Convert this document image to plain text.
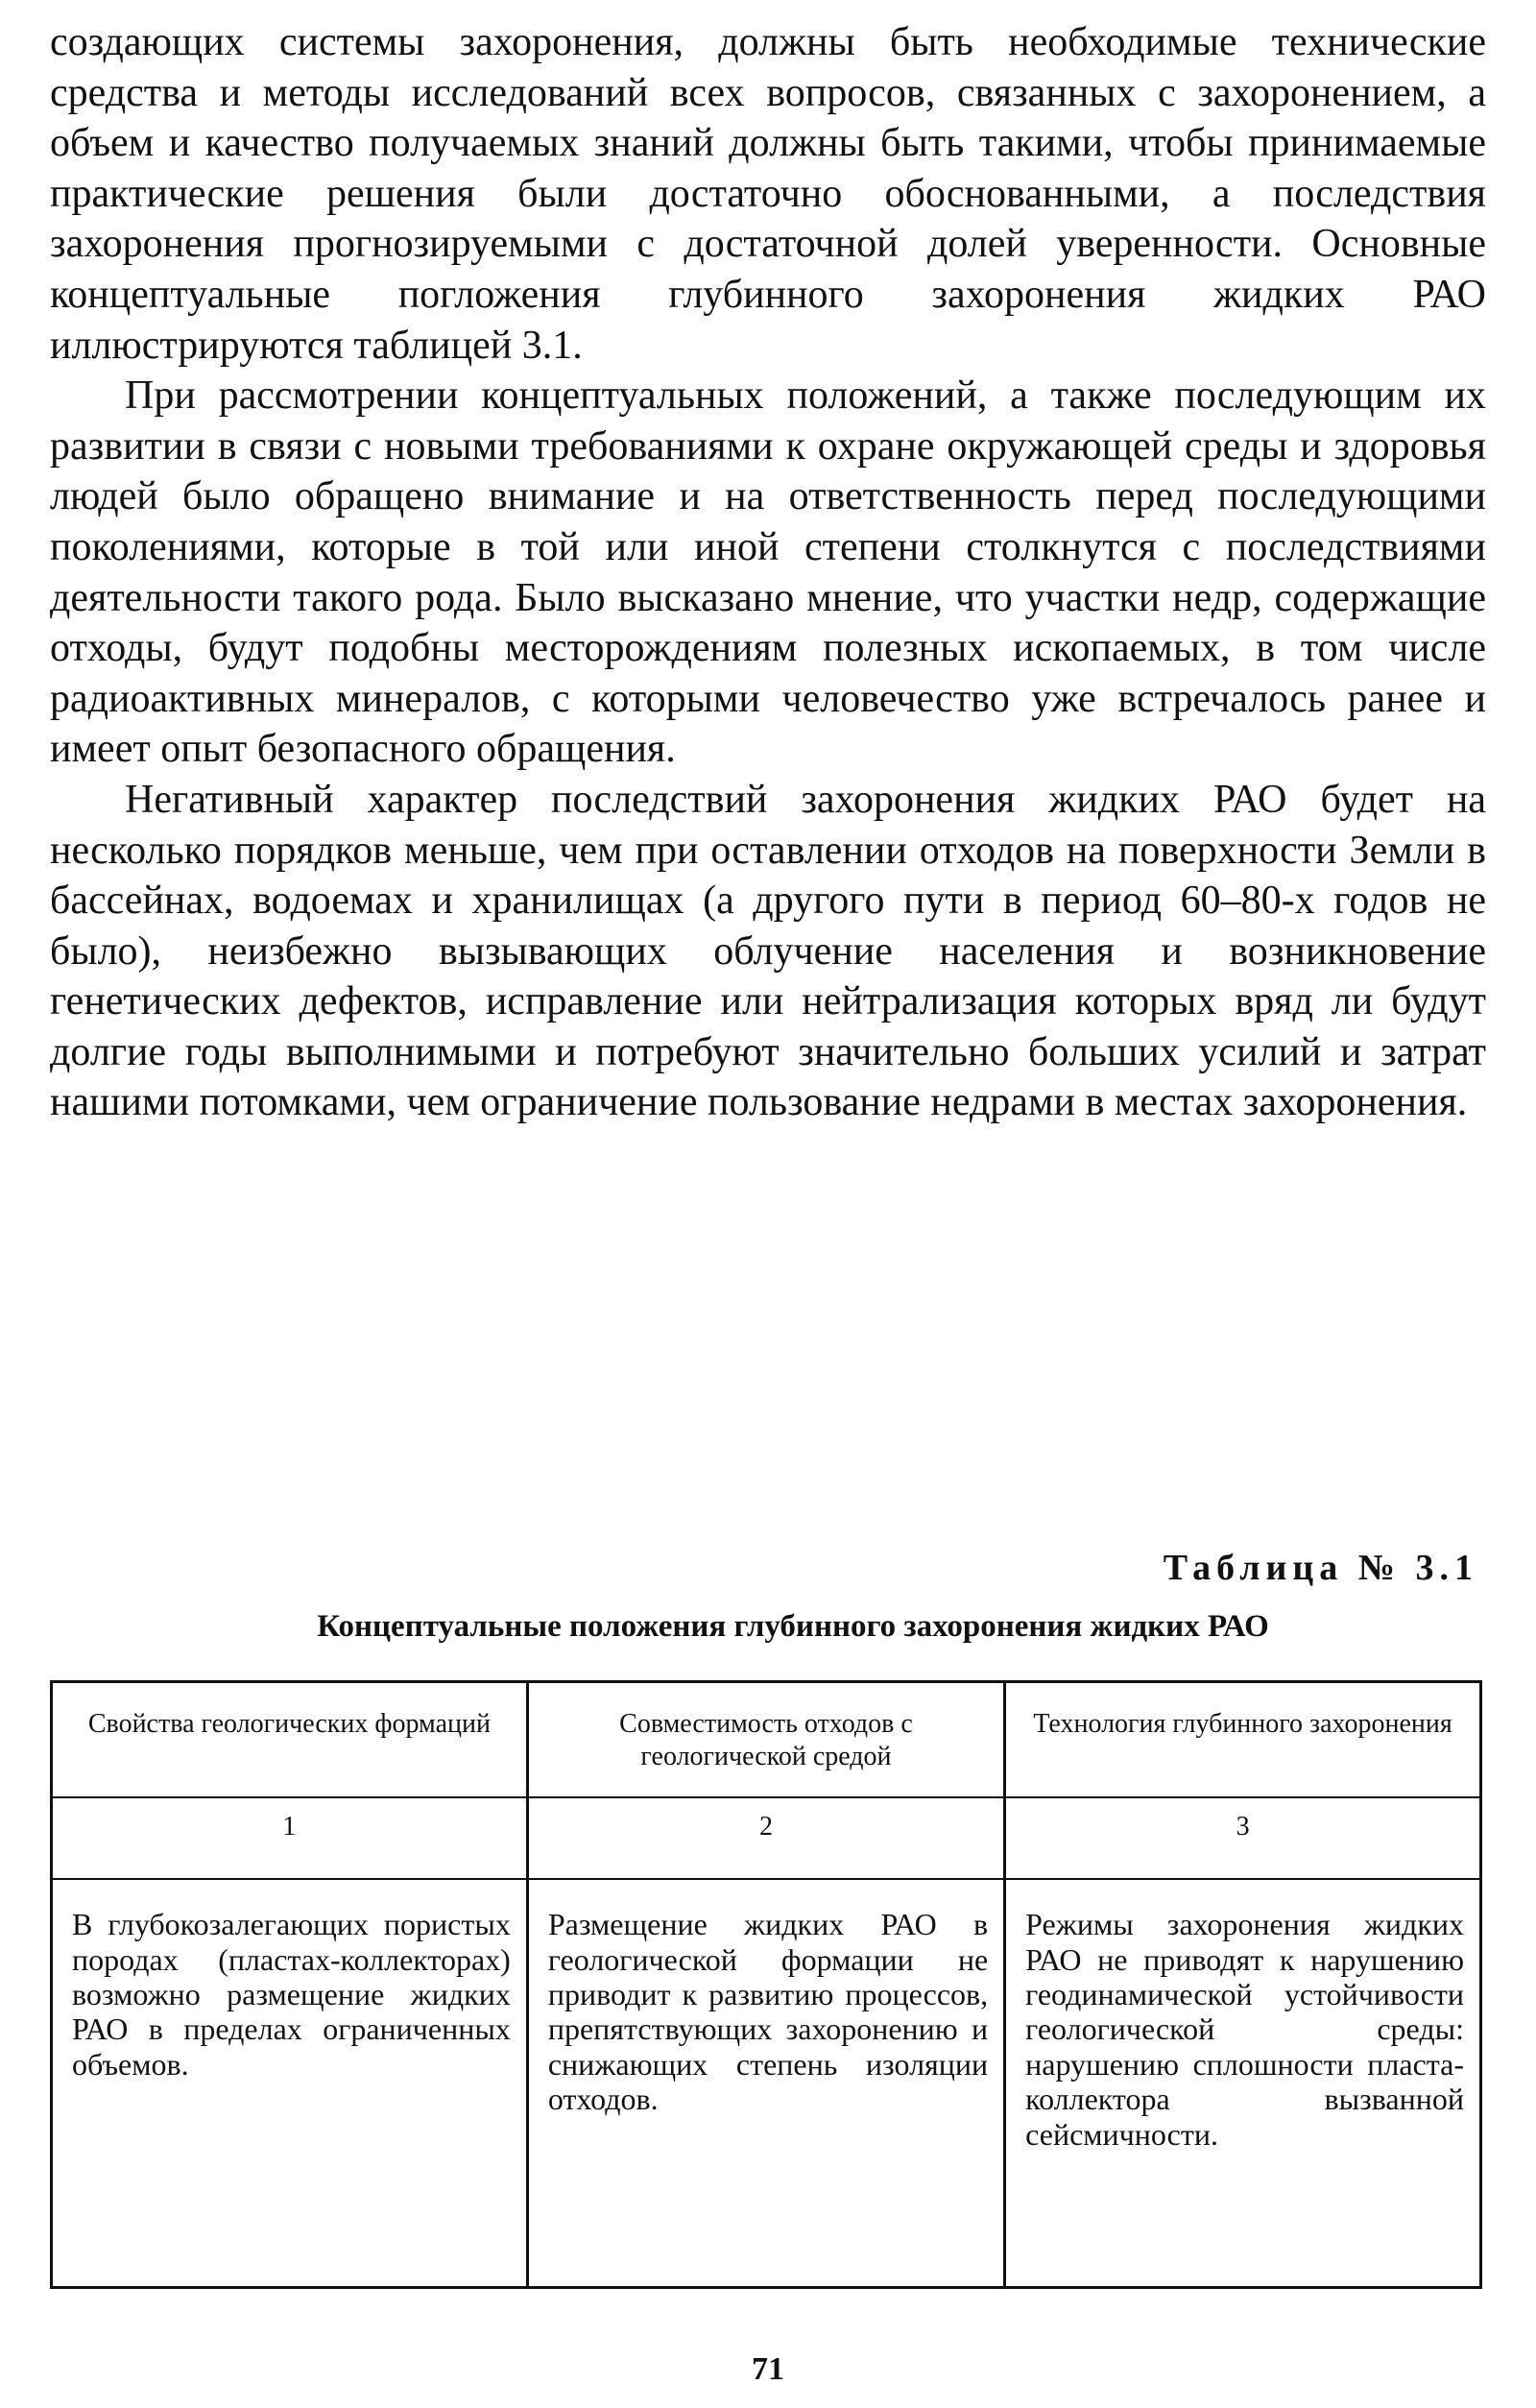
создающих системы захоронения, должны быть необходимые технические средства и методы исследований всех вопросов, связанных с захоронением, а объем и качество получаемых знаний должны быть такими, чтобы принимаемые практические решения были достаточно обоснованными, а последствия захоронения прогнозируемыми с достаточной долей уверенности. Основные концептуальные погложения глубинного захоронения жидких РАО иллюстрируются таблицей 3.1.

При рассмотрении концептуальных положений, а также последующим их развитии в связи с новыми требованиями к охране окружающей среды и здоровья людей было обращено внимание и на ответственность перед последующими поколениями, которые в той или иной степени столкнутся с последствиями деятельности такого рода. Было высказано мнение, что участки недр, содержащие отходы, будут подобны месторождениям полезных ископаемых, в том числе радиоактивных минералов, с которыми человечество уже встречалось ранее и имеет опыт безопасного обращения.

Негативный характер последствий захоронения жидких РАО будет на несколько порядков меньше, чем при оставлении отходов на поверхности Земли в бассейнах, водоемах и хранилищах (а другого пути в период 60–80-х годов не было), неизбежно вызывающих облучение населения и возникновение генетических дефектов, исправление или нейтрализация которых вряд ли будут долгие годы выполнимыми и потребуют значительно больших усилий и затрат нашими потомками, чем ограничение пользование недрами в местах захоронения.

Таблица № 3.1

Концептуальные положения глубинного захоронения жидких РАО

Свойства геологических формаций	Совместимость отходов с геологической средой	Технология глубинного захоронения
1	2	3
В глубокозалегающих пористых породах (пластах-коллекторах) возможно размещение жидких РАО в пределах ограниченных объемов.	Размещение жидких РАО в геологической формации не приводит к развитию процессов, препятствующих захоронению и снижающих степень изоляции отходов.	Режимы захоронения жидких РАО не приводят к нарушению геодинамической устойчивости геологической среды: нарушению сплошности пласта-коллектора вызванной сейсмичности.
71
